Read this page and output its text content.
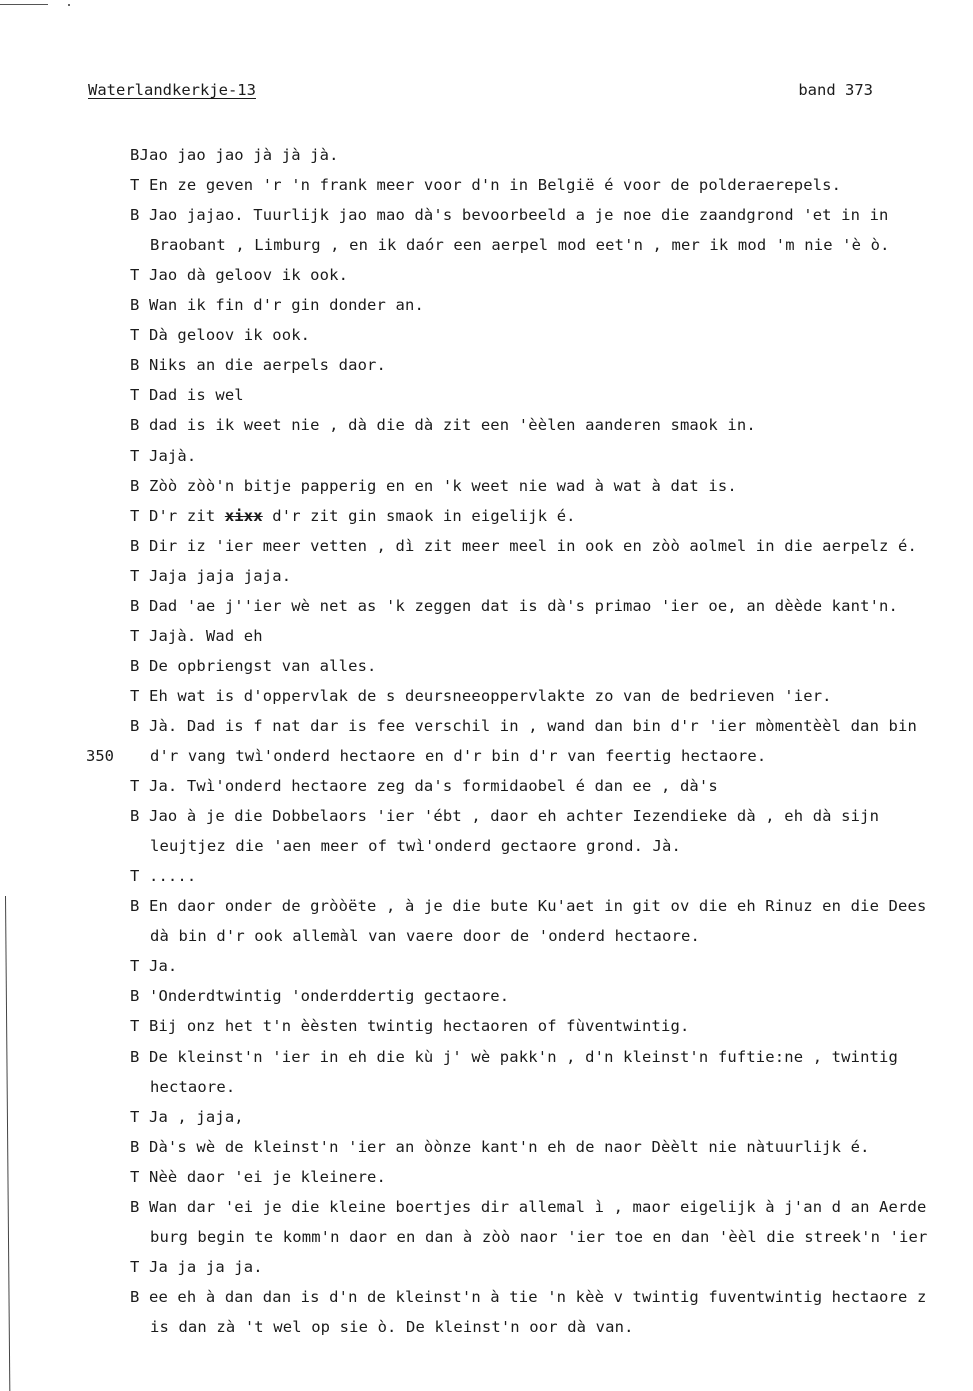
Waterlandkerkje-13	band 373
BJao jao jao jà jà jà.
T En ze geven 'r 'n frank meer voor d'n in België é voor de polderaerepels.
B Jao jajao. Tuurlijk jao mao dà's bevoorbeeld a je noe die zaandgrond 'et in in
Braobant , Limburg , en ik daór een aerpel mod eet'n , mer ik mod 'm nie 'è ò.
T Jao dà geloov ik ook.
B Wan ik fin d'r gin donder an.
T Dà geloov ik ook.
B Niks an die aerpels daor.
T Dad is wel
B dad is ik weet nie , dà die dà zit een 'èèlen aanderen smaok in.
T Jajà.
B Zòò zòò'n bitje papperig en en 'k weet nie wad à wat à dat is.
T D'r zit xixx d'r zit gin smaok in eigelijk é.
B Dir iz 'ier meer vetten , dì zit meer meel in ook en zòò aolmel in die aerpelz é.
T Jaja jaja jaja.
B Dad 'ae j''ier wè net as 'k zeggen dat is dà's primao 'ier oe, an dèède kant'n.
T Jajà. Wad eh
B De opbriengst van alles.
T Eh wat is d'oppervlak de s deursneeoppervlakte zo van de bedrieven 'ier.
B Jà. Dad is f nat dar is fee verschil in , wand dan bin d'r 'ier mòmentèèl dan bin
d'r vang twì'onderd hectaore en d'r bin d'r van feertig hectaore.
350
T Ja. Twì'onderd hectaore zeg da's formidaobel é dan ee , dà's
B Jao à je die Dobbelaors 'ier 'ébt , daor eh achter Iezendieke dà , eh dà sijn
leujtjez die 'aen meer of twì'onderd gectaore grond. Jà.
T .....
B En daor onder de gròòëte , à je die bute Ku'aet in git ov die eh Rinuz en die Dees
dà bin d'r ook allemàl van vaere door de 'onderd hectaore.
T Ja.
B 'Onderdtwintig 'onderddertig gectaore.
T Bij onz het t'n èèsten twintig hectaoren of fùventwintig.
B De kleinst'n 'ier in eh die kù j' wè pakk'n , d'n kleinst'n fuftie:ne , twintig
hectaore.
T Ja , jaja,
B Dà's wè de kleinst'n 'ier an òònze kant'n eh de naor Dèèlt nie nàtuurlijk é.
T Nèè daor 'ei je kleinere.
B Wan dar 'ei je die kleine boertjes dir allemal ì , maor eigelijk à j'an d an Aerde
burg begin te komm'n daor en dan à zòò naor 'ier toe en dan 'èèl die streek'n 'ier
T Ja ja ja ja.
B ee eh à dan dan is d'n de kleinst'n à tie 'n kèè v twintig fuventwintig hectaore z
is dan zà 't wel op sie ò. De kleinst'n oor dà van.
